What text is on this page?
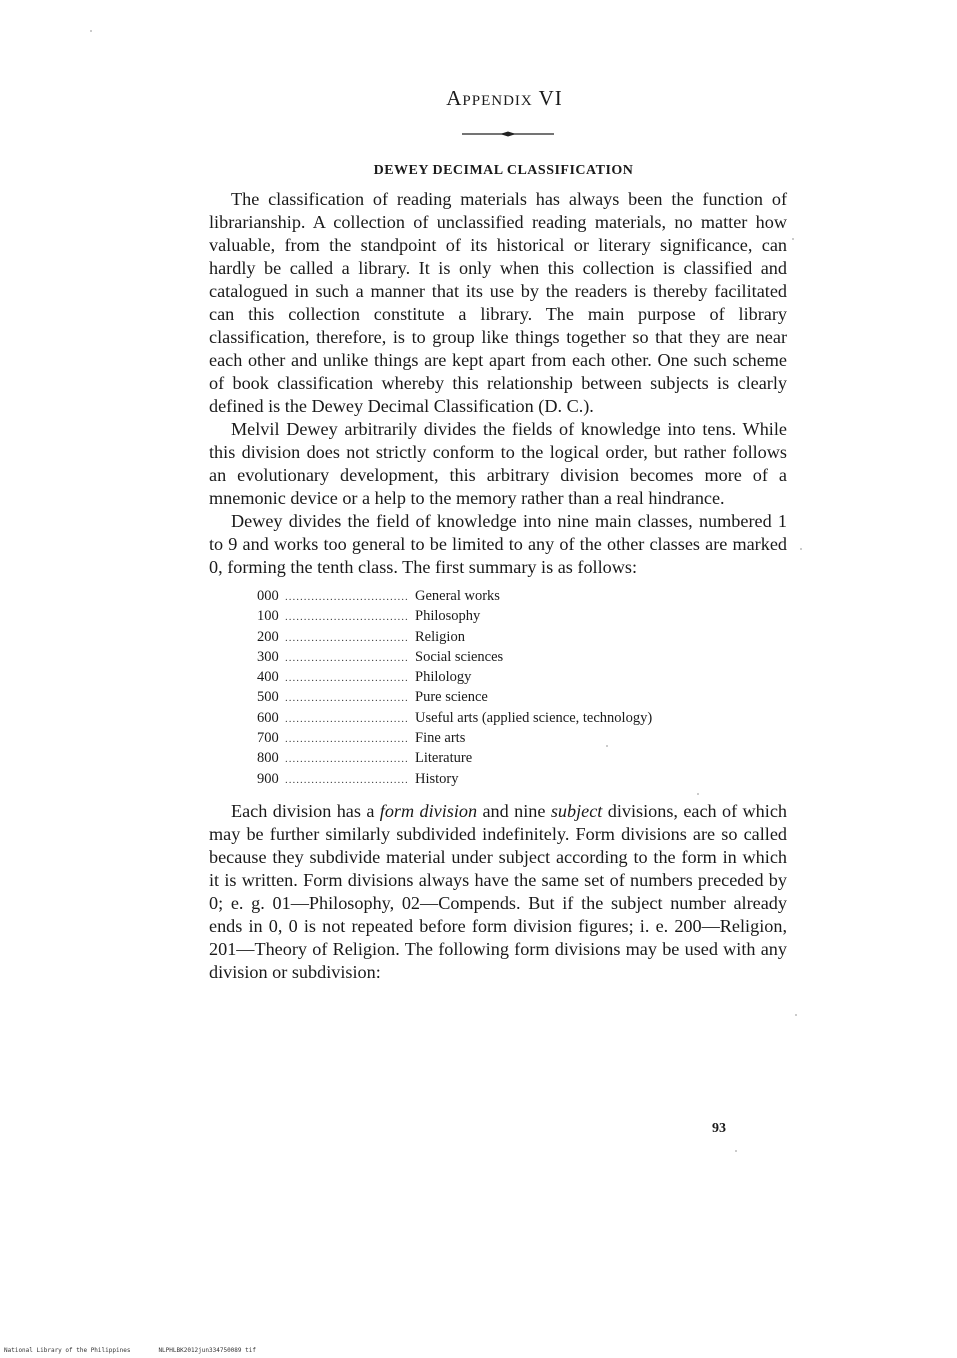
Appendix VI
DEWEY DECIMAL CLASSIFICATION

The classification of reading materials has always been the function of librarianship. A collection of unclassified reading materials, no matter how valuable, from the standpoint of its historical or literary significance, can hardly be called a library. It is only when this collection is classified and catalogued in such a manner that its use by the readers is thereby facilitated can this collection constitute a library. The main purpose of library classification, therefore, is to group like things together so that they are near each other and unlike things are kept apart from each other. One such scheme of book classification whereby this relationship between subjects is clearly defined is the Dewey Decimal Classification (D. C.).

Melvil Dewey arbitrarily divides the fields of knowledge into tens. While this division does not strictly conform to the logical order, but rather follows an evolutionary development, this arbitrary division becomes more of a mnemonic device or a help to the memory rather than a real hindrance.

Dewey divides the field of knowledge into nine main classes, numbered 1 to 9 and works too general to be limited to any of the other classes are marked 0, forming the tenth class. The first summary is as follows:

000 .....	General works
100 .....	Philosophy
200 .....	Religion
300 .....	Social sciences
400 .....	Philology
500 .....	Pure science
600 .....	Useful arts (applied science, technology)
700 .....	Fine arts
800 .....	Literature
900 .....	History

Each division has a form division and nine subject divisions, each of which may be further similarly subdivided indefinitely. Form divisions are so called because they subdivide material under subject according to the form in which it is written. Form divisions always have the same set of numbers preceded by 0; e. g. 01—Philosophy, 02—Compends. But if the subject number already ends in 0, 0 is not repeated before form division figures; i. e. 200—Religion, 201—Theory of Religion. The following form divisions may be used with any division or subdivision:

93
National Library of the Philippines	NLPHLBK2012jun334750089 tif
